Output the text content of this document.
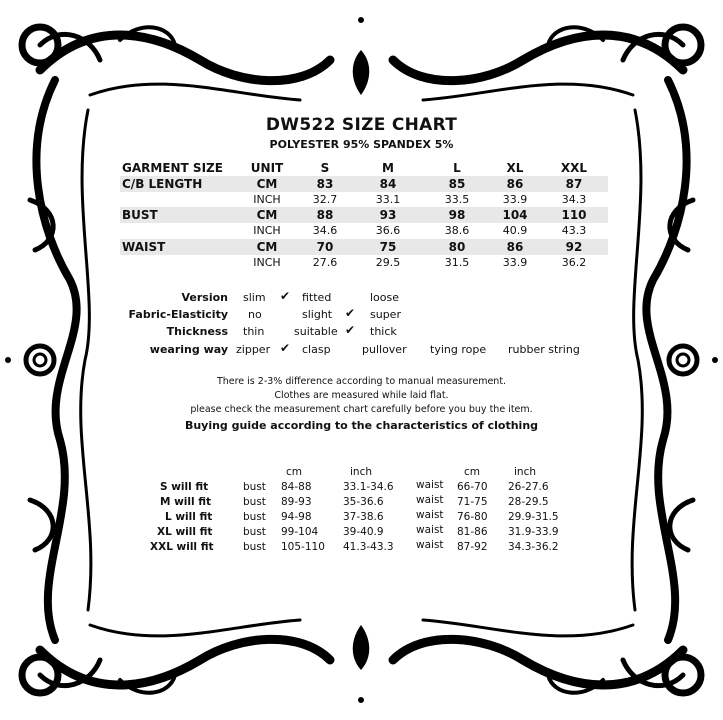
DW522 SIZE CHART
POLYESTER 95% SPANDEX 5%
GARMENT SIZE	UNIT	S	M	L	XL	XXL
C/B LENGTH	CM	83	84	85	86	87
INCH	32.7	33.1	33.5	33.9	34.3
BUST	CM	88	93	98	104	110
INCH	34.6	36.6	38.6	40.9	43.3
WAIST	CM	70	75	80	86	92
INCH	27.6	29.5	31.5	33.9	36.2
Version slim ✔ fitted	loose
Fabric-Elasticity no	slight ✔ super
Thickness thin	suitable ✔ thick
wearing way zipper ✔ clasp	pullover tying rope rubber string
There is 2-3% difference according to manual measurement.
Clothes are measured while laid flat.
please check the measurement chart carefully before you buy the item.
Buying guide according to the characteristics of clothing
cm	inch	cm	inch
S will fit	bust 84-88	33.1-34.6 waist 66-70 26-27.6
M will fit	bust 89-93	35-36.6	waist 71-75 28-29.5
L will fit	bust 94-98	37-38.6	waist 76-80 29.9-31.5
XL will fit	bust 99-104 39-40.9	waist 81-86 31.9-33.9
XXL will fit	bust 105-110 41.3-43.3 waist 87-92 34.3-36.2
